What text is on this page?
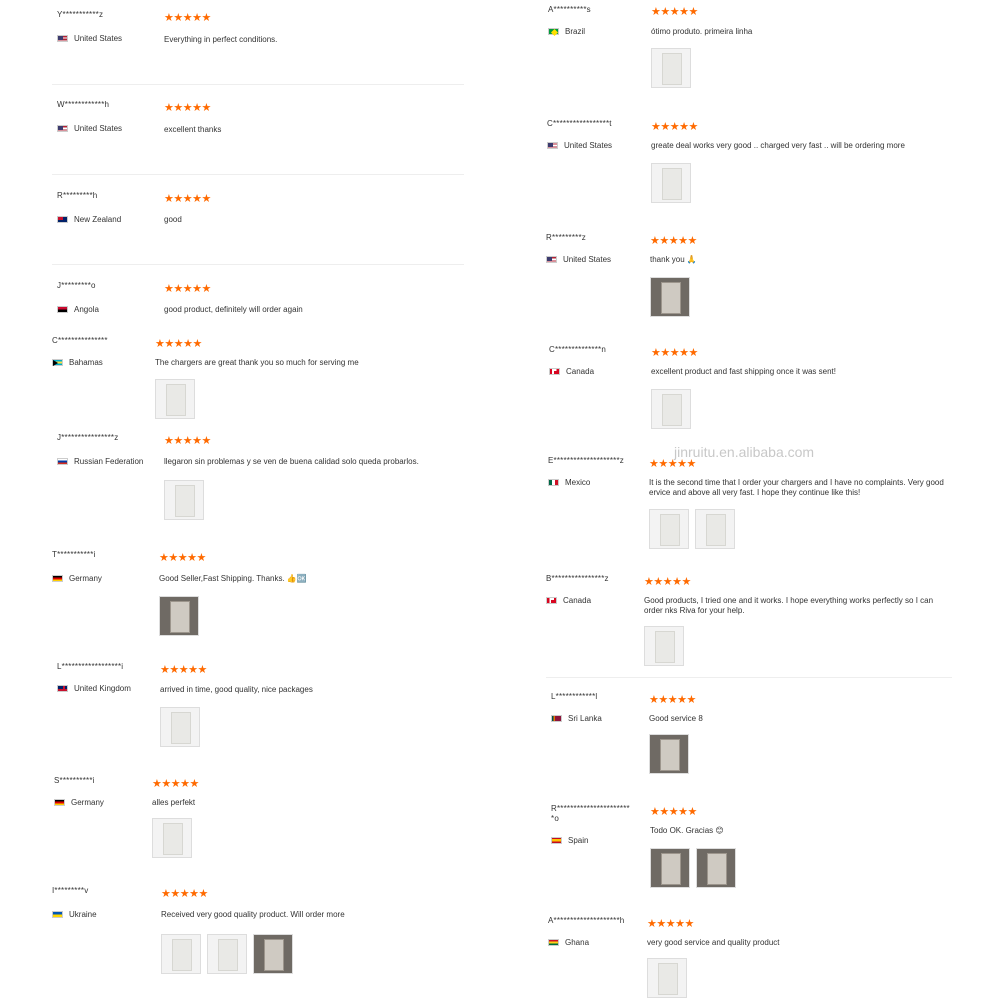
jinruitu.en.alibaba.com
Y***********z
United States
★★★★★
Everything in perfect conditions.
W************h
United States
★★★★★
excellent thanks
R*********h
New Zealand
★★★★★
good
J*********o
Angola
★★★★★
good product, definitely will order again
C***************
Bahamas
★★★★★
The chargers are great thank you so much for serving me
J****************z
Russian Federation
★★★★★
llegaron sin problemas y se ven de buena calidad solo queda probarlos.
T***********i
Germany
★★★★★
Good Seller,Fast Shipping. Thanks. 👍🆗
L******************i
United Kingdom
★★★★★
arrived in time, good quality, nice packages
S**********i
Germany
★★★★★
alles perfekt
I*********v
Ukraine
★★★★★
Received very good quality product. Will order more
A**********s
Brazil
★★★★★
ótimo produto. primeira linha
C*****************t
United States
★★★★★
greate deal works very good .. charged very fast .. will be ordering more
R*********z
United States
★★★★★
thank you 🙏
C**************n
Canada
★★★★★
excellent product and fast shipping once it was sent!
E********************z
Mexico
★★★★★
It is the second time that I order your chargers and I have no complaints. Very good ervice and above all very fast. I hope they continue like this!
B****************z
Canada
★★★★★
Good products, I tried one and it works. I hope everything works perfectly so I can order nks Riva for your help.
L************l
Sri Lanka
★★★★★
Good service 8
R**********************
*o
Spain
★★★★★
Todo OK. Gracias 😊
A********************h
Ghana
★★★★★
very good service and quality product
